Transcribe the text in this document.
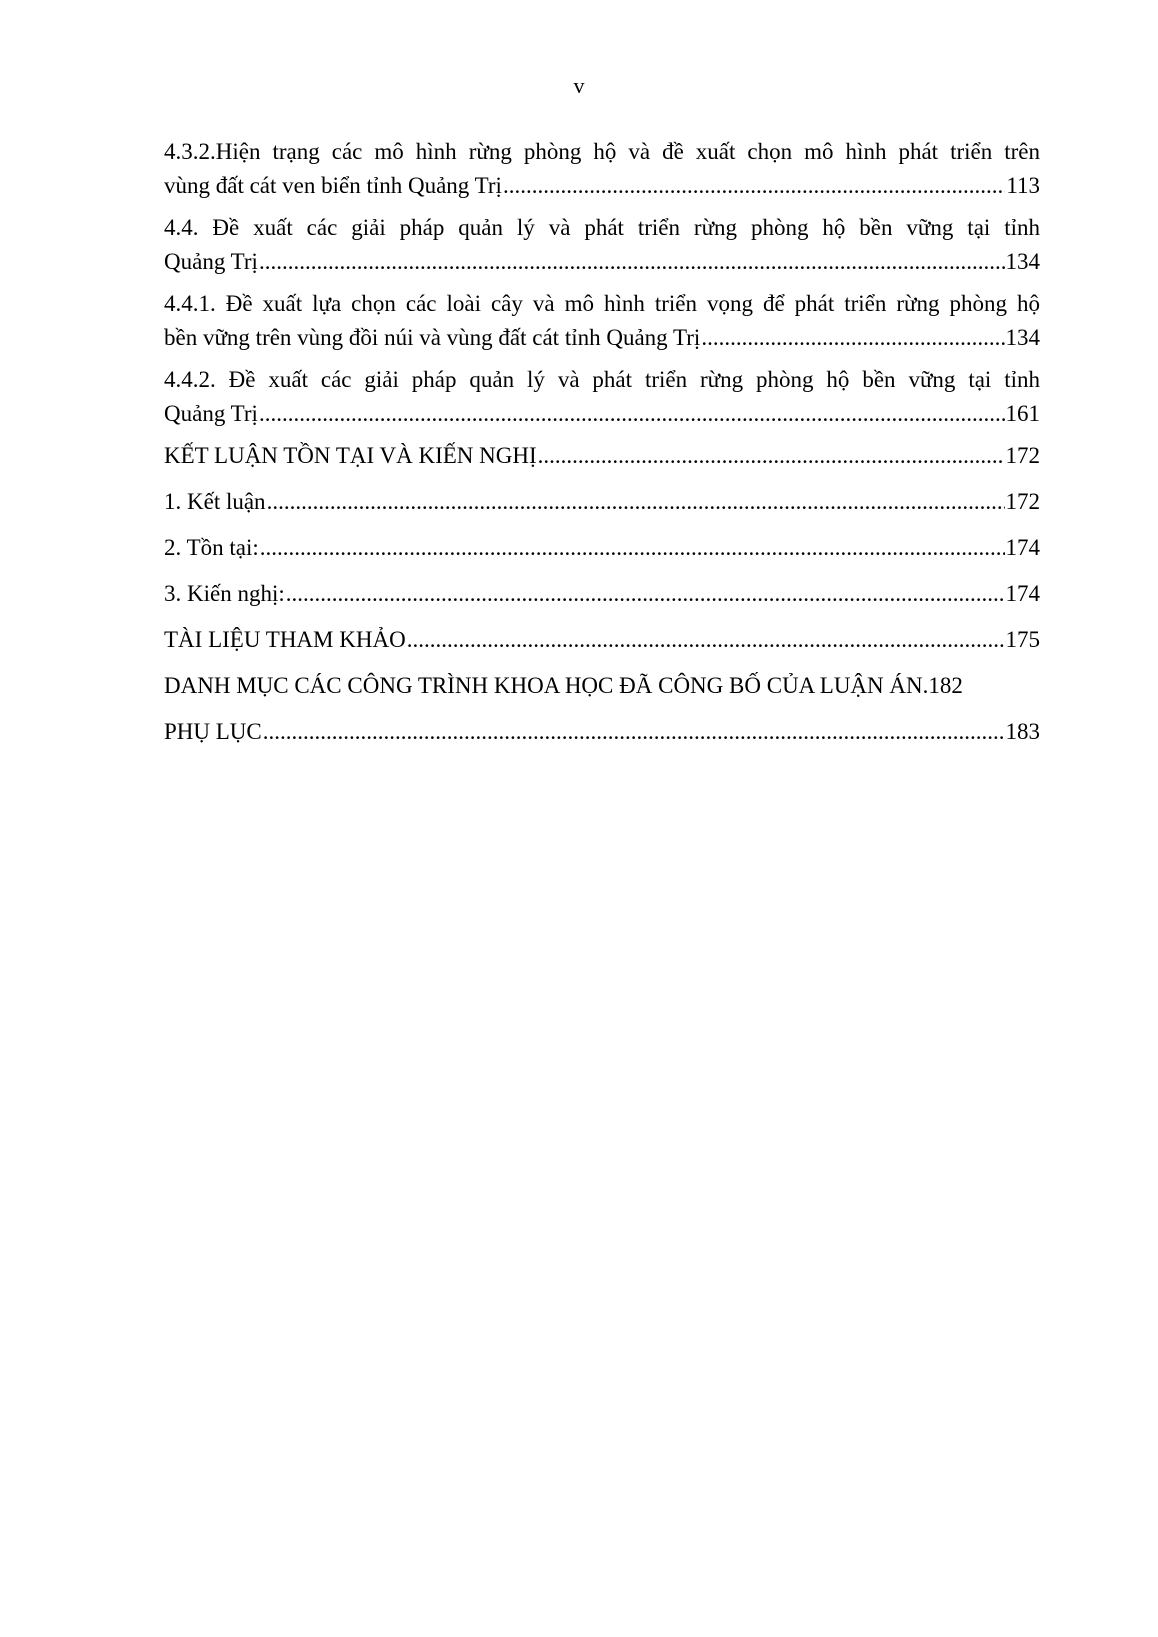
v
4.3.2.Hiện trạng các mô hình rừng phòng hộ và đề xuất chọn mô hình phát triển trên
vùng đất cát ven biển tỉnh Quảng Trị .....	113
4.4. Đề xuất các giải pháp quản lý và phát triển rừng phòng hộ bền vững tại tỉnh
Quảng Trị .....	134
4.4.1. Đề xuất lựa chọn các loài cây và mô hình triển vọng để phát triển rừng phòng hộ
bền vững trên vùng đồi núi và vùng đất cát tỉnh Quảng Trị .....	134
4.4.2. Đề xuất các giải pháp quản lý và phát triển rừng phòng hộ bền vững tại tỉnh
Quảng Trị .....	161
KẾT LUẬN TỒN TẠI VÀ KIẾN NGHỊ .....	172
1. Kết luận .....	172
2. Tồn tại: .....	174
3. Kiến nghị: .....	174
TÀI LIỆU THAM KHẢO .....	175
DANH MỤC CÁC CÔNG TRÌNH KHOA HỌC ĐÃ CÔNG BỐ CỦA LUẬN ÁN. 182
PHỤ LỤC .....	183
